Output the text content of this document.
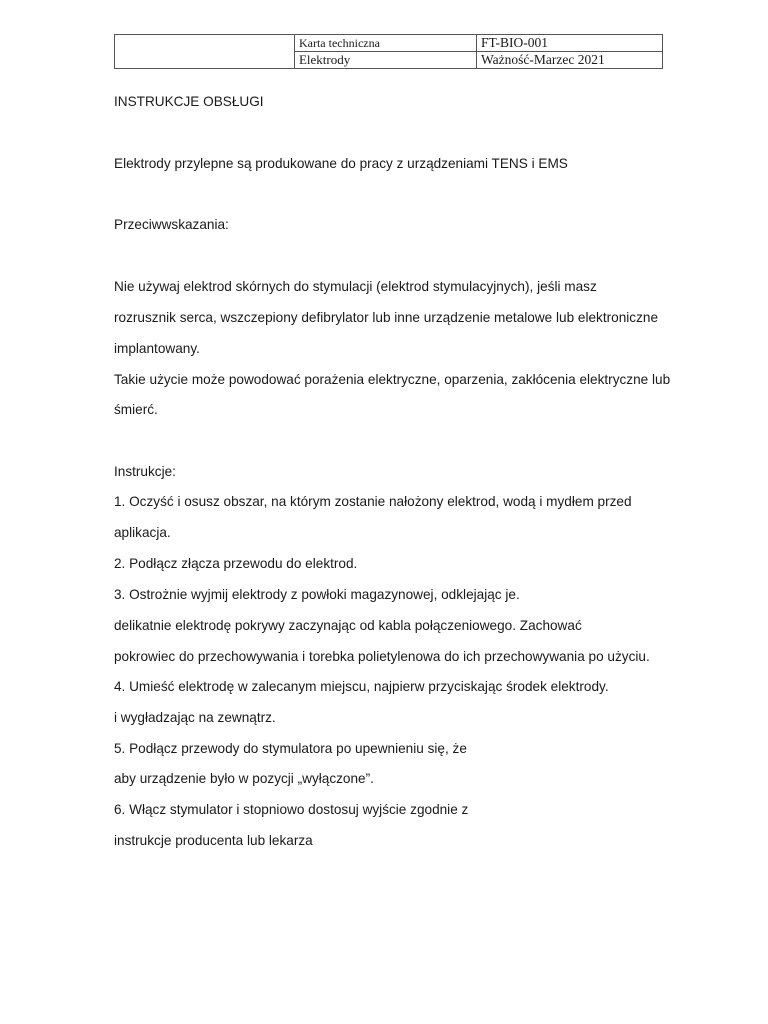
	Karta techniczna	FT-BIO-001
	Elektrody	Ważność-Marzec 2021
INSTRUKCJE OBSŁUGI
Elektrody przylepne są produkowane do pracy z urządzeniami TENS i EMS
Przeciwwskazania:
Nie używaj elektrod skórnych do stymulacji (elektrod stymulacyjnych), jeśli masz
rozrusznik serca, wszczepiony defibrylator lub inne urządzenie metalowe lub elektroniczne
implantowany.
Takie użycie może powodować porażenia elektryczne, oparzenia, zakłócenia elektryczne lub
śmierć.
Instrukcje:
1. Oczyść i osusz obszar, na którym zostanie nałożony elektrod, wodą i mydłem przed
aplikacja.
2. Podłącz złącza przewodu do elektrod.
3. Ostrożnie wyjmij elektrody z powłoki magazynowej, odklejając je.
delikatnie elektrodę pokrywy zaczynając od kabla połączeniowego. Zachować
pokrowiec do przechowywania i torebka polietylenowa do ich przechowywania po użyciu.
4. Umieść elektrodę w zalecanym miejscu, najpierw przyciskając środek elektrody.
i wygładzając na zewnątrz.
5. Podłącz przewody do stymulatora po upewnieniu się, że
aby urządzenie było w pozycji „wyłączone”.
6. Włącz stymulator i stopniowo dostosuj wyjście zgodnie z
instrukcje producenta lub lekarza
